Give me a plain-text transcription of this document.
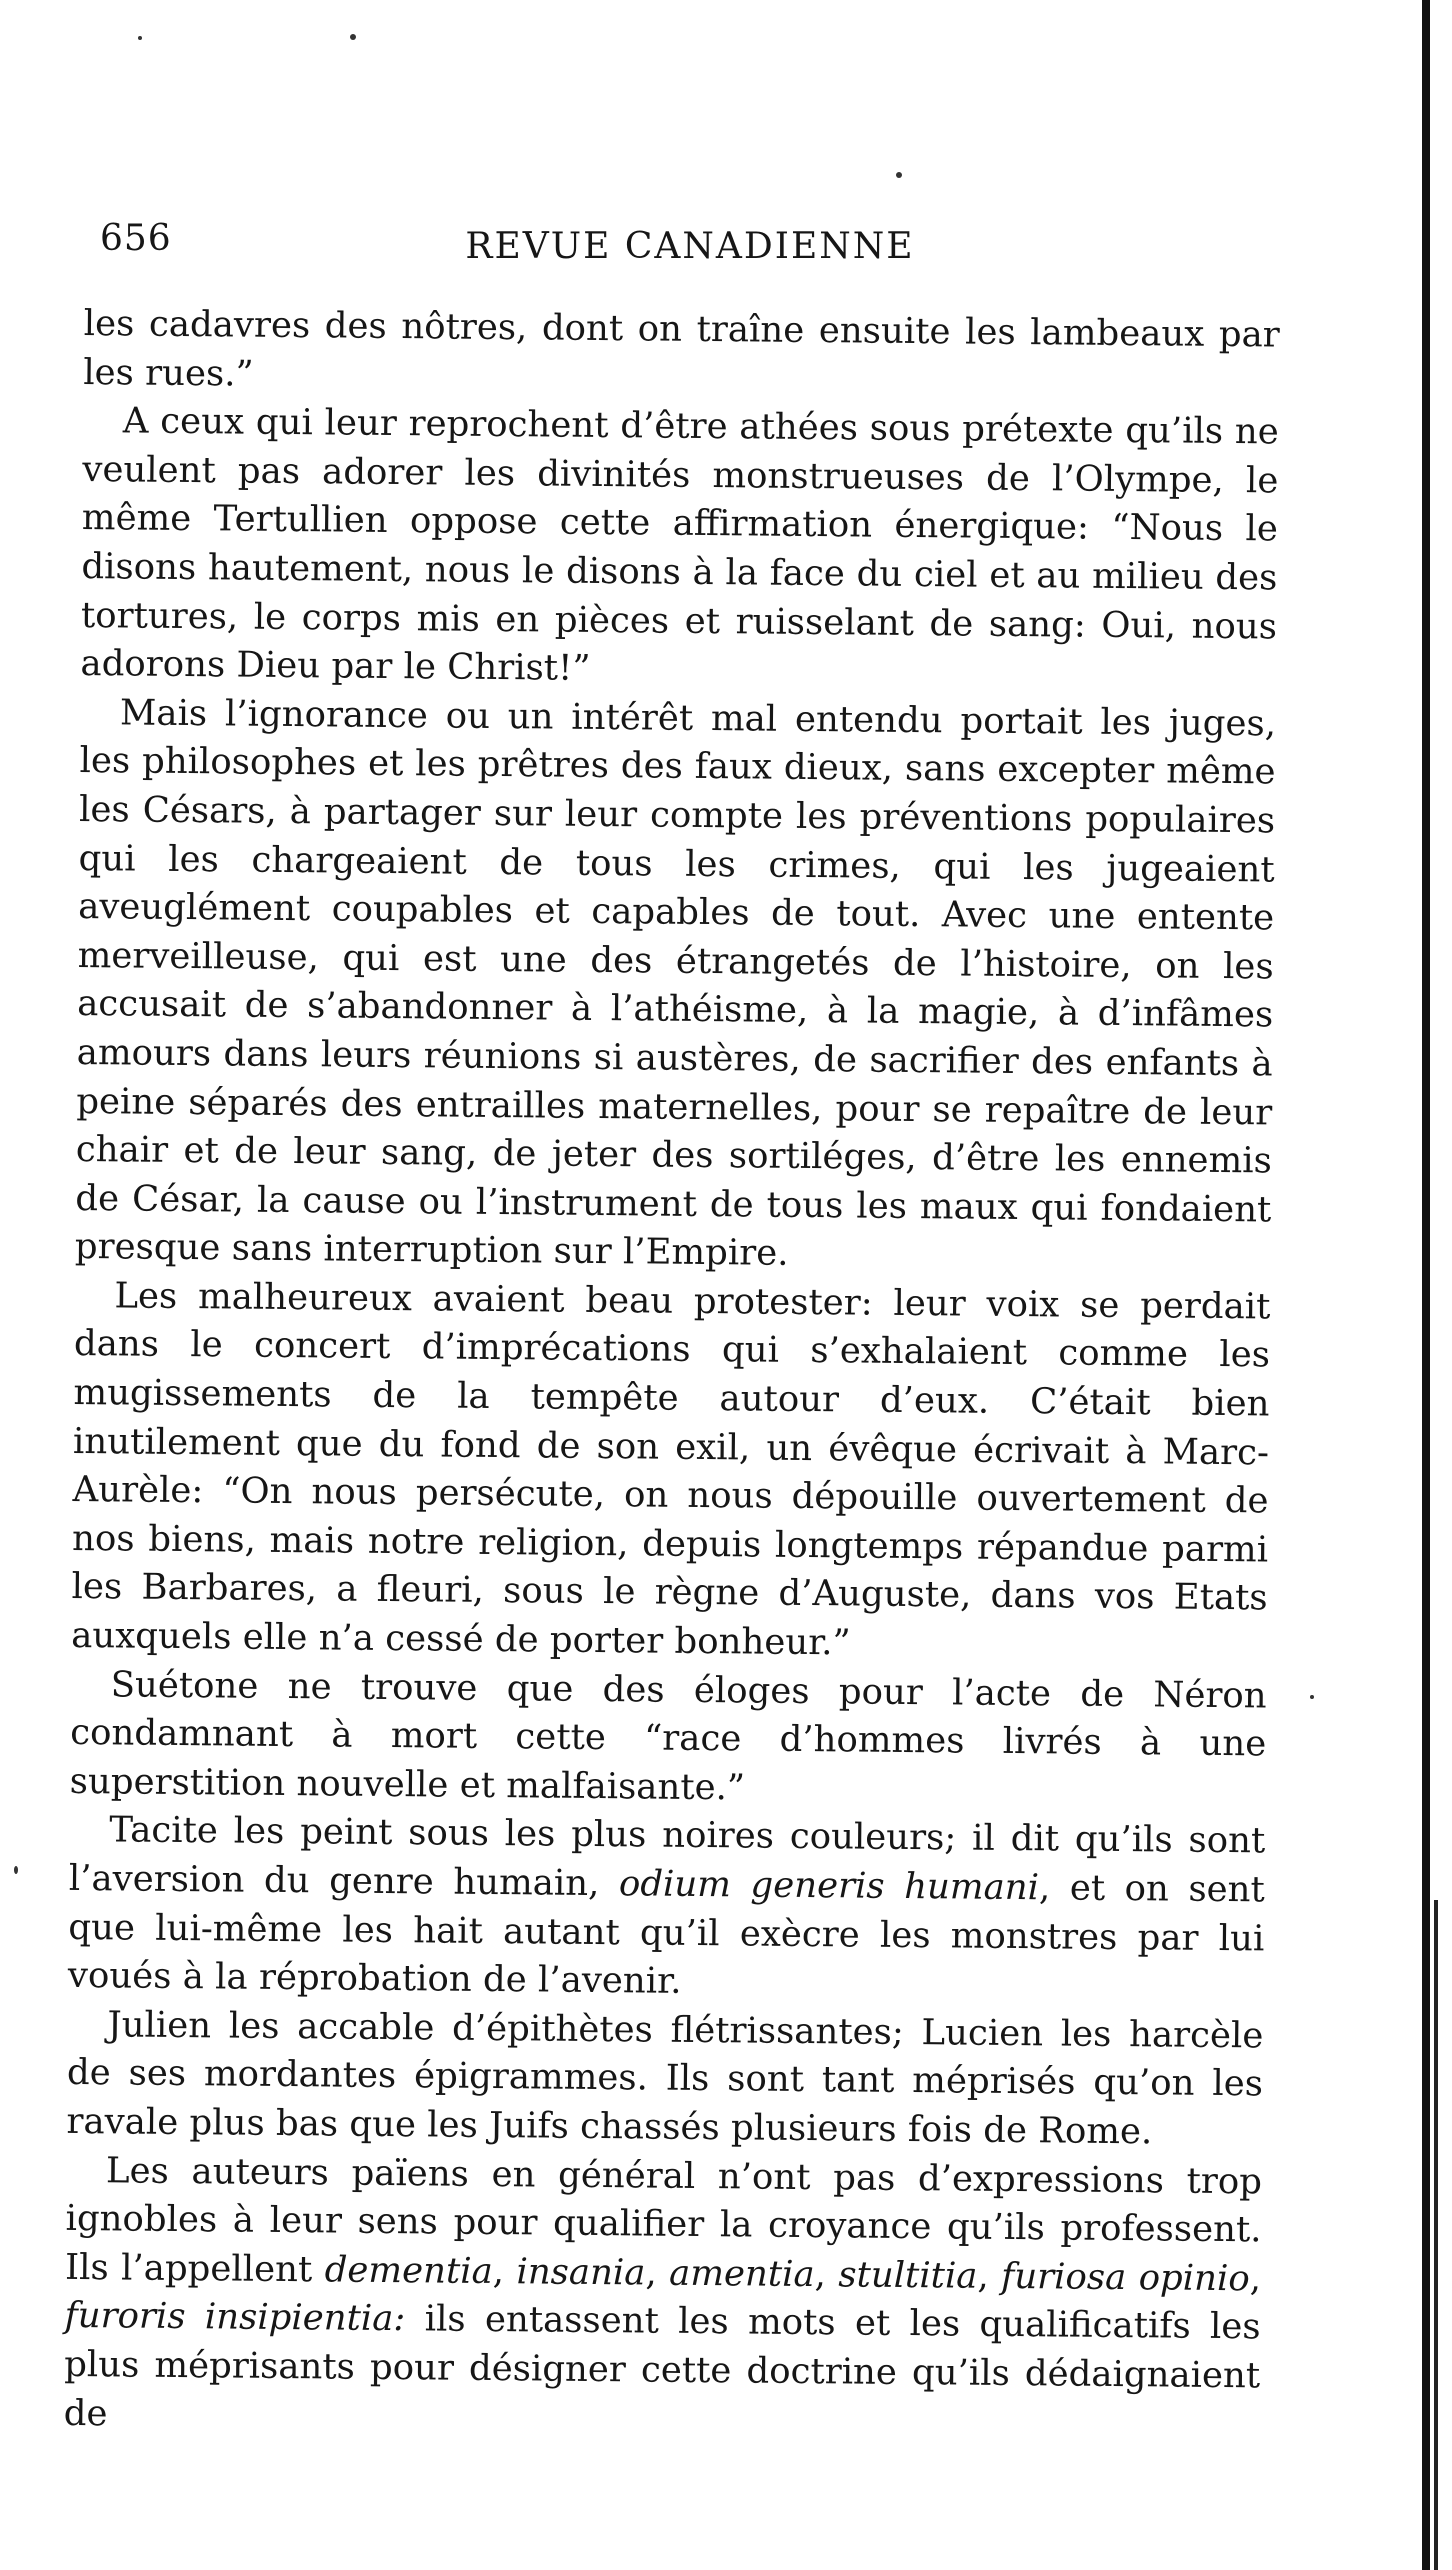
656	REVUE CANADIENNE

les cadavres des nôtres, dont on traîne ensuite les lambeaux par les rues.”

A ceux qui leur reprochent d’être athées sous prétexte qu’ils ne veulent pas adorer les divinités monstrueuses de l’Olympe, le même Tertullien oppose cette affirmation énergique: “Nous le disons hautement, nous le disons à la face du ciel et au milieu des tortures, le corps mis en pièces et ruisselant de sang: Oui, nous adorons Dieu par le Christ!”

Mais l’ignorance ou un intérêt mal entendu portait les juges, les philosophes et les prêtres des faux dieux, sans excepter même les Césars, à partager sur leur compte les préventions populaires qui les chargeaient de tous les crimes, qui les jugeaient aveuglément coupables et capables de tout. Avec une entente merveilleuse, qui est une des étrangetés de l’histoire, on les accusait de s’abandonner à l’athéisme, à la magie, à d’infâmes amours dans leurs réunions si austères, de sacrifier des enfants à peine séparés des entrailles maternelles, pour se repaître de leur chair et de leur sang, de jeter des sortiléges, d’être les ennemis de César, la cause ou l’instrument de tous les maux qui fondaient presque sans interruption sur l’Empire.

Les malheureux avaient beau protester: leur voix se perdait dans le concert d’imprécations qui s’exhalaient comme les mugissements de la tempête autour d’eux. C’était bien inutilement que du fond de son exil, un évêque écrivait à Marc-Aurèle: “On nous persécute, on nous dépouille ouvertement de nos biens, mais notre religion, depuis longtemps répandue parmi les Barbares, a fleuri, sous le règne d’Auguste, dans vos Etats auxquels elle n’a cessé de porter bonheur.”

Suétone ne trouve que des éloges pour l’acte de Néron condamnant à mort cette “race d’hommes livrés à une superstition nouvelle et malfaisante.”

Tacite les peint sous les plus noires couleurs; il dit qu’ils sont l’aversion du genre humain, odium generis humani, et on sent que lui-même les hait autant qu’il exècre les monstres par lui voués à la réprobation de l’avenir.

Julien les accable d’épithètes flétrissantes; Lucien les harcèle de ses mordantes épigrammes. Ils sont tant méprisés qu’on les ravale plus bas que les Juifs chassés plusieurs fois de Rome.

Les auteurs païens en général n’ont pas d’expressions trop ignobles à leur sens pour qualifier la croyance qu’ils professent. Ils l’appellent dementia, insania, amentia, stultitia, furiosa opinio, furoris insipientia: ils entassent les mots et les qualificatifs les plus méprisants pour désigner cette doctrine qu’ils dédaignaient de
